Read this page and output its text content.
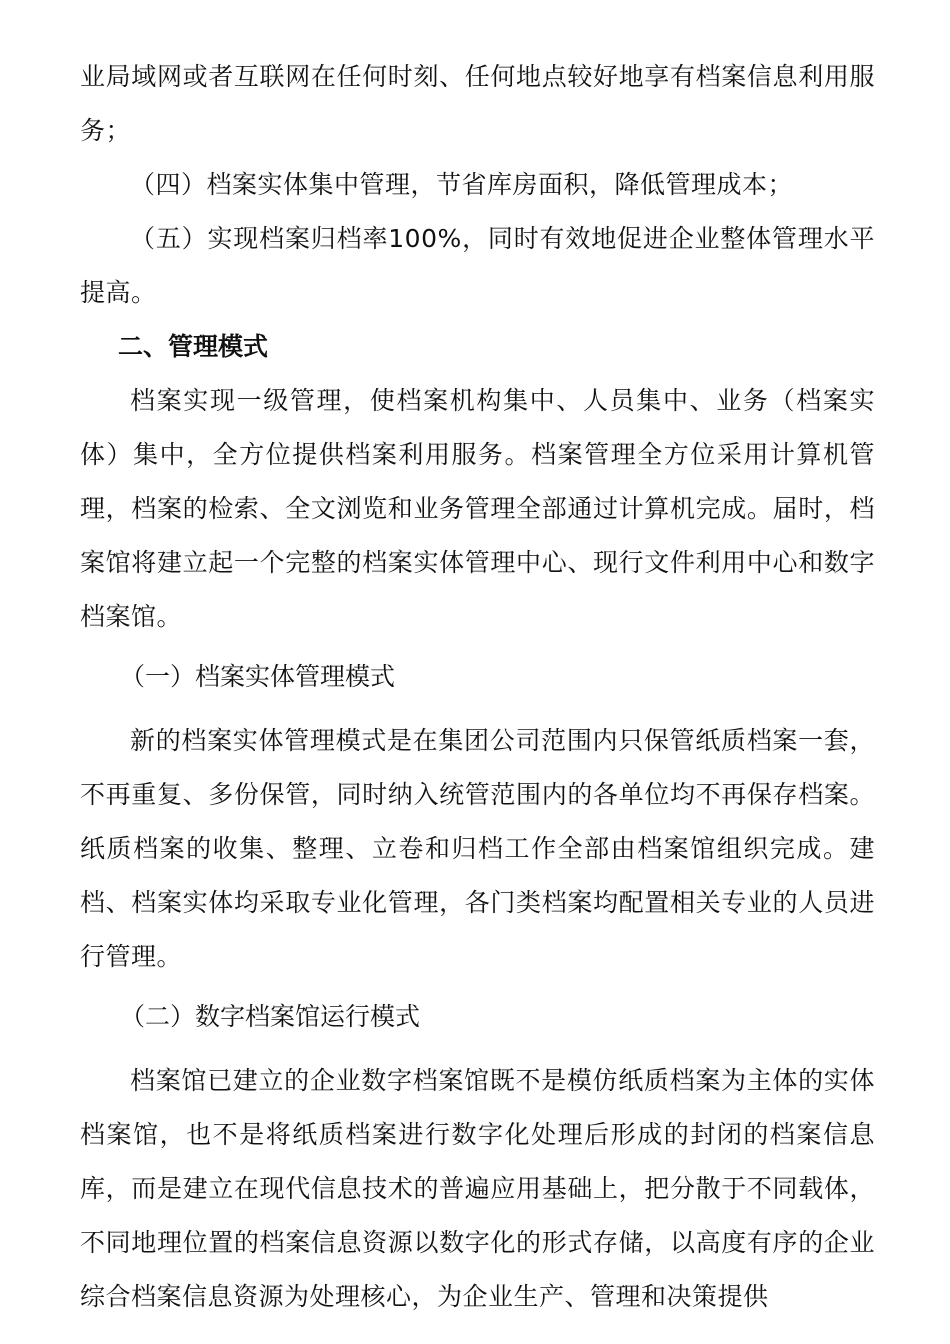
业局域网或者互联网在任何时刻、任何地点较好地享有档案信息利用服务；

（四）档案实体集中管理，节省库房面积，降低管理成本；

（五）实现档案归档率100%，同时有效地促进企业整体管理水平提高。

二、管理模式

档案实现一级管理，使档案机构集中、人员集中、业务（档案实体）集中，全方位提供档案利用服务。档案管理全方位采用计算机管理，档案的检索、全文浏览和业务管理全部通过计算机完成。届时，档案馆将建立起一个完整的档案实体管理中心、现行文件利用中心和数字档案馆。

（一）档案实体管理模式

新的档案实体管理模式是在集团公司范围内只保管纸质档案一套，不再重复、多份保管，同时纳入统管范围内的各单位均不再保存档案。纸质档案的收集、整理、立卷和归档工作全部由档案馆组织完成。建档、档案实体均采取专业化管理，各门类档案均配置相关专业的人员进行管理。

（二）数字档案馆运行模式

档案馆已建立的企业数字档案馆既不是模仿纸质档案为主体的实体档案馆，也不是将纸质档案进行数字化处理后形成的封闭的档案信息库，而是建立在现代信息技术的普遍应用基础上，把分散于不同载体，不同地理位置的档案信息资源以数字化的形式存储，以高度有序的企业综合档案信息资源为处理核心，为企业生产、管理和决策提供
